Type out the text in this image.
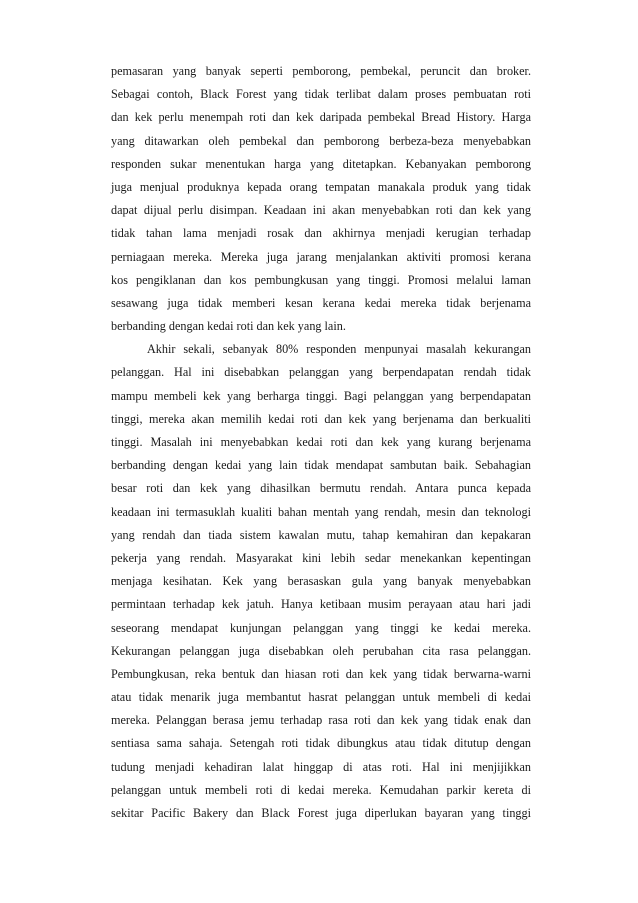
pemasaran yang banyak seperti pemborong, pembekal, peruncit dan broker.
Sebagai contoh, Black Forest yang tidak terlibat dalam proses pembuatan roti
dan kek perlu menempah roti dan kek daripada pembekal Bread History. Harga
yang ditawarkan oleh pembekal dan pemborong berbeza-beza menyebabkan
responden sukar menentukan harga yang ditetapkan. Kebanyakan pemborong
juga menjual produknya kepada orang tempatan manakala produk yang tidak
dapat dijual perlu disimpan. Keadaan ini akan menyebabkan roti dan kek yang
tidak tahan lama menjadi rosak dan akhirnya menjadi kerugian terhadap
perniagaan mereka. Mereka juga jarang menjalankan aktiviti promosi kerana
kos pengiklanan dan kos pembungkusan yang tinggi. Promosi melalui laman
sesawang juga tidak memberi kesan kerana kedai mereka tidak berjenama
berbanding dengan kedai roti dan kek yang lain.
Akhir sekali, sebanyak 80% responden menpunyai masalah kekurangan
pelanggan. Hal ini disebabkan pelanggan yang berpendapatan rendah tidak
mampu membeli kek yang berharga tinggi. Bagi pelanggan yang berpendapatan
tinggi, mereka akan memilih kedai roti dan kek yang berjenama dan berkualiti
tinggi. Masalah ini menyebabkan kedai roti dan kek yang kurang berjenama
berbanding dengan kedai yang lain tidak mendapat sambutan baik. Sebahagian
besar roti dan kek yang dihasilkan bermutu rendah. Antara punca kepada
keadaan ini termasuklah kualiti bahan mentah yang rendah, mesin dan teknologi
yang rendah dan tiada sistem kawalan mutu, tahap kemahiran dan kepakaran
pekerja yang rendah. Masyarakat kini lebih sedar menekankan kepentingan
menjaga kesihatan. Kek yang berasaskan gula yang banyak menyebabkan
permintaan terhadap kek jatuh. Hanya ketibaan musim perayaan atau hari jadi
seseorang mendapat kunjungan pelanggan yang tinggi ke kedai mereka.
Kekurangan pelanggan juga disebabkan oleh perubahan cita rasa pelanggan.
Pembungkusan, reka bentuk dan hiasan roti dan kek yang tidak berwarna-warni
atau tidak menarik juga membantut hasrat pelanggan untuk membeli di kedai
mereka. Pelanggan berasa jemu terhadap rasa roti dan kek yang tidak enak dan
sentiasa sama sahaja. Setengah roti tidak dibungkus atau tidak ditutup dengan
tudung menjadi kehadiran lalat hinggap di atas roti. Hal ini menjijikkan
pelanggan untuk membeli roti di kedai mereka. Kemudahan parkir kereta di
sekitar Pacific Bakery dan Black Forest juga diperlukan bayaran yang tinggi
